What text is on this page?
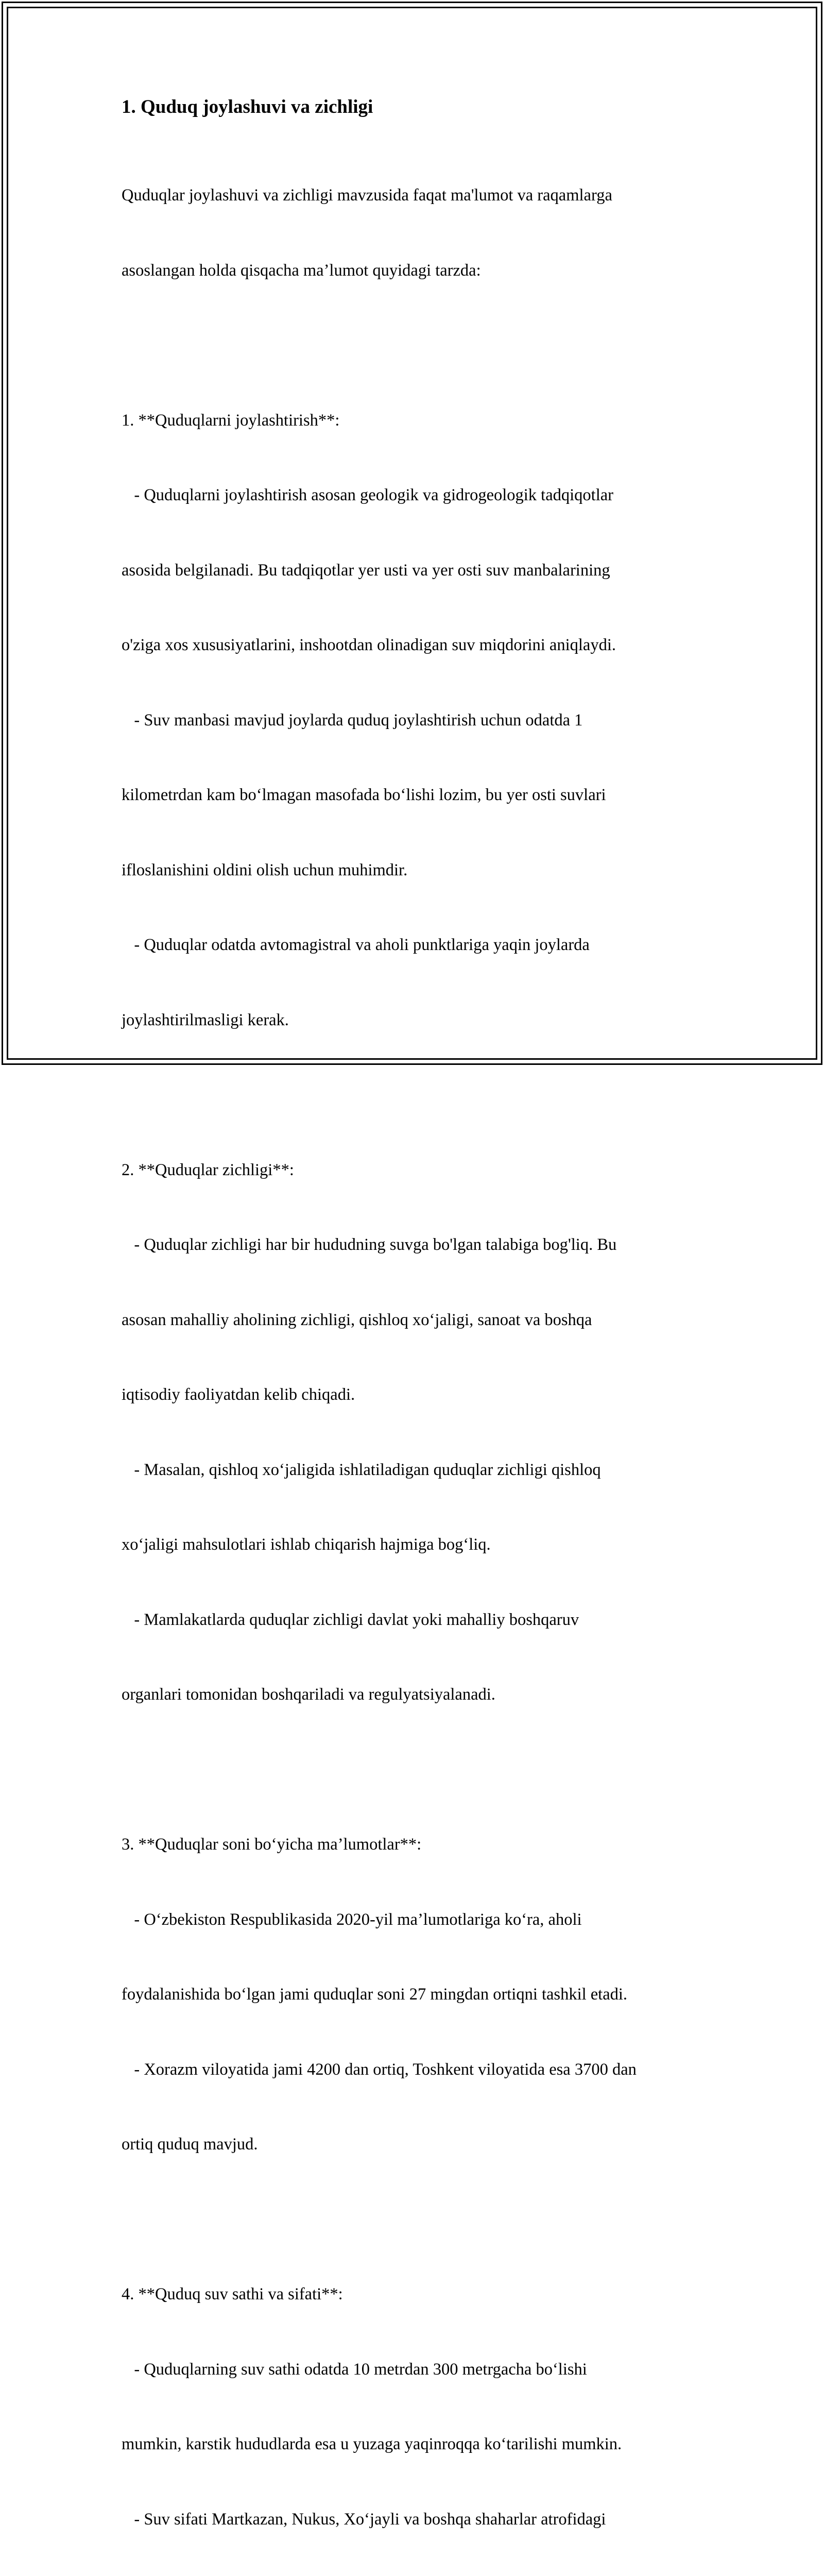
1. Quduq joylashuvi va zichligi

Quduqlar joylashuvi va zichligi mavzusida faqat ma'lumot va raqamlarga

asoslangan holda qisqacha ma’lumot quyidagi tarzda:

1. **Quduqlarni joylashtirish**:

- Quduqlarni joylashtirish asosan geologik va gidrogeologik tadqiqotlar

asosida belgilanadi. Bu tadqiqotlar yer usti va yer osti suv manbalarining

o'ziga xos xususiyatlarini, inshootdan olinadigan suv miqdorini aniqlaydi.

- Suv manbasi mavjud joylarda quduq joylashtirish uchun odatda 1

kilometrdan kam bo‘lmagan masofada bo‘lishi lozim, bu yer osti suvlari

ifloslanishini oldini olish uchun muhimdir.

- Quduqlar odatda avtomagistral va aholi punktlariga yaqin joylarda

joylashtirilmasligi kerak.

2. **Quduqlar zichligi**:

- Quduqlar zichligi har bir hududning suvga bo'lgan talabiga bog'liq. Bu

asosan mahalliy aholining zichligi, qishloq xo‘jaligi, sanoat va boshqa

iqtisodiy faoliyatdan kelib chiqadi.

- Masalan, qishloq xo‘jaligida ishlatiladigan quduqlar zichligi qishloq

xo‘jaligi mahsulotlari ishlab chiqarish hajmiga bog‘liq.

- Mamlakatlarda quduqlar zichligi davlat yoki mahalliy boshqaruv

organlari tomonidan boshqariladi va regulyatsiyalanadi.

3. **Quduqlar soni bo‘yicha ma’lumotlar**:

- O‘zbekiston Respublikasida 2020-yil ma’lumotlariga ko‘ra, aholi

foydalanishida bo‘lgan jami quduqlar soni 27 mingdan ortiqni tashkil etadi.

- Xorazm viloyatida jami 4200 dan ortiq, Toshkent viloyatida esa 3700 dan

ortiq quduq mavjud.

4. **Quduq suv sathi va sifati**:

- Quduqlarning suv sathi odatda 10 metrdan 300 metrgacha bo‘lishi

mumkin, karstik hududlarda esa u yuzaga yaqinroqqa ko‘tarilishi mumkin.

- Suv sifati Martkazan, Nukus, Xo‘jayli va boshqa shaharlar atrofidagi
